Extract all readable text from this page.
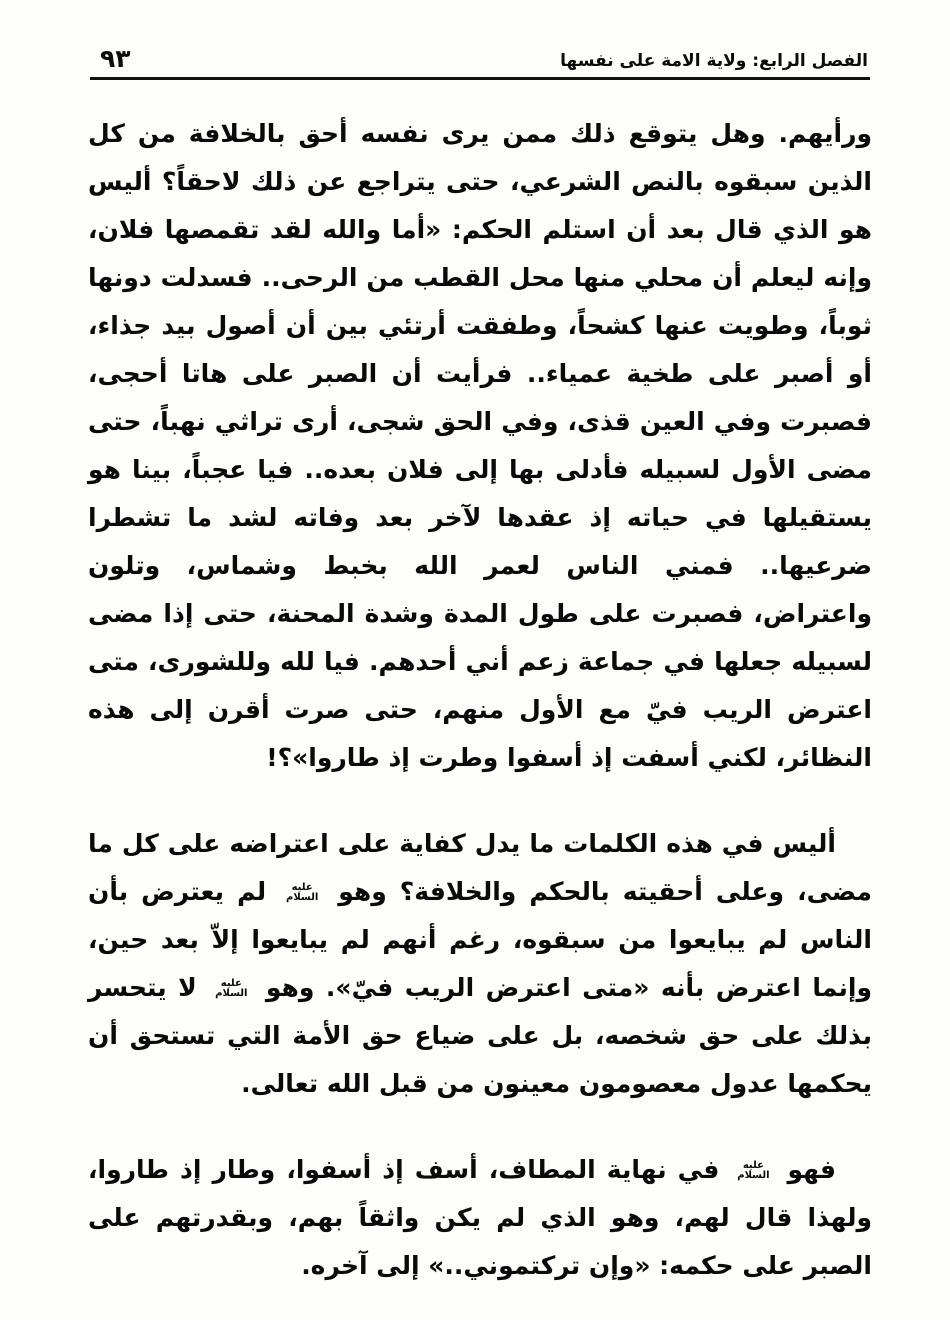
الفصل الرابع: ولاية الامة على نفسها
٩٣

ورأيهم. وهل يتوقع ذلك ممن يرى نفسه أحق بالخلافة من كل الذين سبقوه بالنص الشرعي، حتى يتراجع عن ذلك لاحقاً؟ أليس هو الذي قال بعد أن استلم الحكم: «أما والله لقد تقمصها فلان، وإنه ليعلم أن محلي منها محل القطب من الرحى.. فسدلت دونها ثوباً، وطويت عنها كشحاً، وطفقت أرتئي بين أن أصول بيد جذاء، أو أصبر على طخية عمياء.. فرأيت أن الصبر على هاتا أحجى، فصبرت وفي العين قذى، وفي الحق شجى، أرى تراثي نهباً، حتى مضى الأول لسبيله فأدلى بها إلى فلان بعده.. فيا عجباً، بينا هو يستقيلها في حياته إذ عقدها لآخر بعد وفاته لشد ما تشطرا ضرعيها.. فمني الناس لعمر الله بخبط وشماس، وتلون واعتراض، فصبرت على طول المدة وشدة المحنة، حتى إذا مضى لسبيله جعلها في جماعة زعم أني أحدهم. فيا لله وللشورى، متى اعترض الريب فيّ مع الأول منهم، حتى صرت أقرن إلى هذه النظائر، لكني أسفت إذ أسفوا وطرت إذ طاروا»؟!

أليس في هذه الكلمات ما يدل كفاية على اعتراضه على كل ما مضى، وعلى أحقيته بالحكم والخلافة؟ وهو عليه السلام لم يعترض بأن الناس لم يبايعوا من سبقوه، رغم أنهم لم يبايعوا إلاّ بعد حين، وإنما اعترض بأنه «متى اعترض الريب فيّ». وهو عليه السلام لا يتحسر بذلك على حق شخصه، بل على ضياع حق الأمة التي تستحق أن يحكمها عدول معصومون معينون من قبل الله تعالى.

فهو عليه السلام في نهاية المطاف، أسف إذ أسفوا، وطار إذ طاروا، ولهذا قال لهم، وهو الذي لم يكن واثقاً بهم، وبقدرتهم على الصبر على حكمه: «وإن تركتموني..» إلى آخره.
